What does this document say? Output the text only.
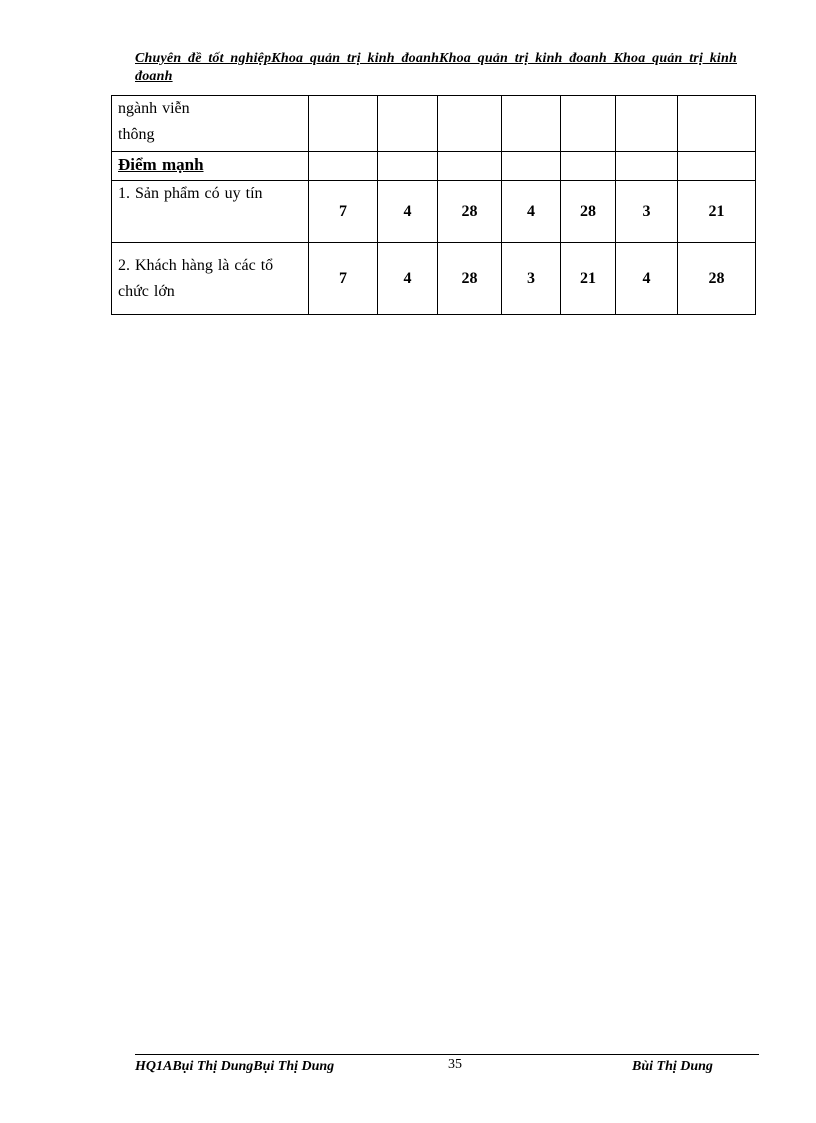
Chuyên đề tốt nghiệpKhoa quản trị kinh đoanhKhoa quản trị kinh đoanh Khoa quản trị kinh đoanh
ngành viễn
thông							
Điểm mạnh							
1. Sản phẩm có uy tín	7	4	28	4	28	3	21
2. Khách hàng là các tổ chức lớn	7	4	28	3	21	4	28
HQ1ABụi Thị DungBụi Thị Dung	35	Bùi Thị Dung
